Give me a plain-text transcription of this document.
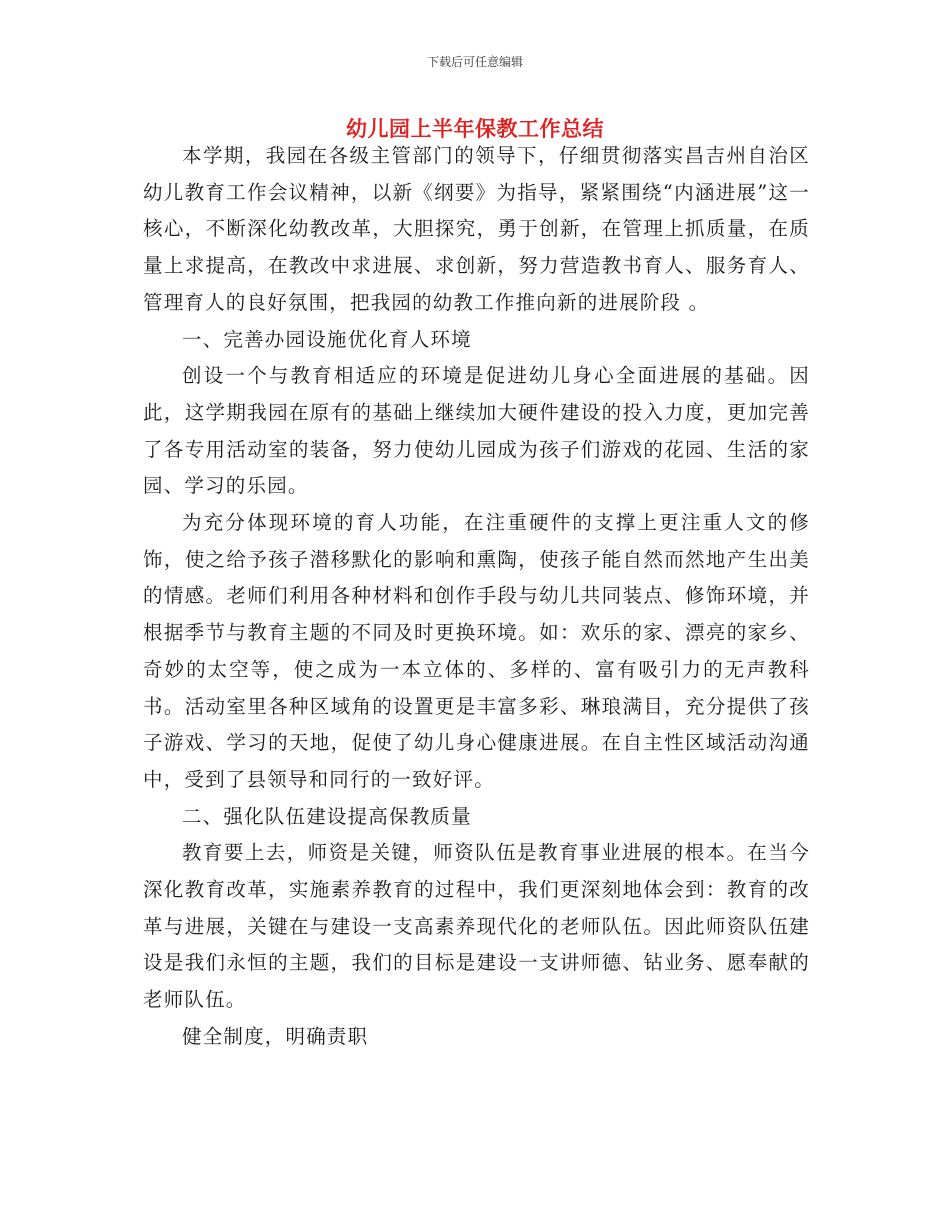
下载后可任意编辑
幼儿园上半年保教工作总结

本学期，我园在各级主管部门的领导下，仔细贯彻落实昌吉州自治区幼儿教育工作会议精神，以新《纲要》为指导，紧紧围绕“内涵进展”这一核心，不断深化幼教改革，大胆探究，勇于创新，在管理上抓质量，在质量上求提高，在教改中求进展、求创新，努力营造教书育人、服务育人、管理育人的良好氛围，把我园的幼教工作推向新的进展阶段 。

一、完善办园设施优化育人环境

创设一个与教育相适应的环境是促进幼儿身心全面进展的基础。因此，这学期我园在原有的基础上继续加大硬件建设的投入力度，更加完善了各专用活动室的装备，努力使幼儿园成为孩子们游戏的花园、生活的家园、学习的乐园。

为充分体现环境的育人功能，在注重硬件的支撑上更注重人文的修饰，使之给予孩子潜移默化的影响和熏陶，使孩子能自然而然地产生出美的情感。老师们利用各种材料和创作手段与幼儿共同装点、修饰环境，并根据季节与教育主题的不同及时更换环境。如：欢乐的家、漂亮的家乡、奇妙的太空等，使之成为一本立体的、多样的、富有吸引力的无声教科书。活动室里各种区域角的设置更是丰富多彩、琳琅满目，充分提供了孩子游戏、学习的天地，促使了幼儿身心健康进展。在自主性区域活动沟通中，受到了县领导和同行的一致好评。

二、强化队伍建设提高保教质量

教育要上去，师资是关键，师资队伍是教育事业进展的根本。在当今深化教育改革，实施素养教育的过程中，我们更深刻地体会到：教育的改革与进展，关键在与建设一支高素养现代化的老师队伍。因此师资队伍建设是我们永恒的主题，我们的目标是建设一支讲师德、钻业务、愿奉献的老师队伍。

健全制度，明确责职
